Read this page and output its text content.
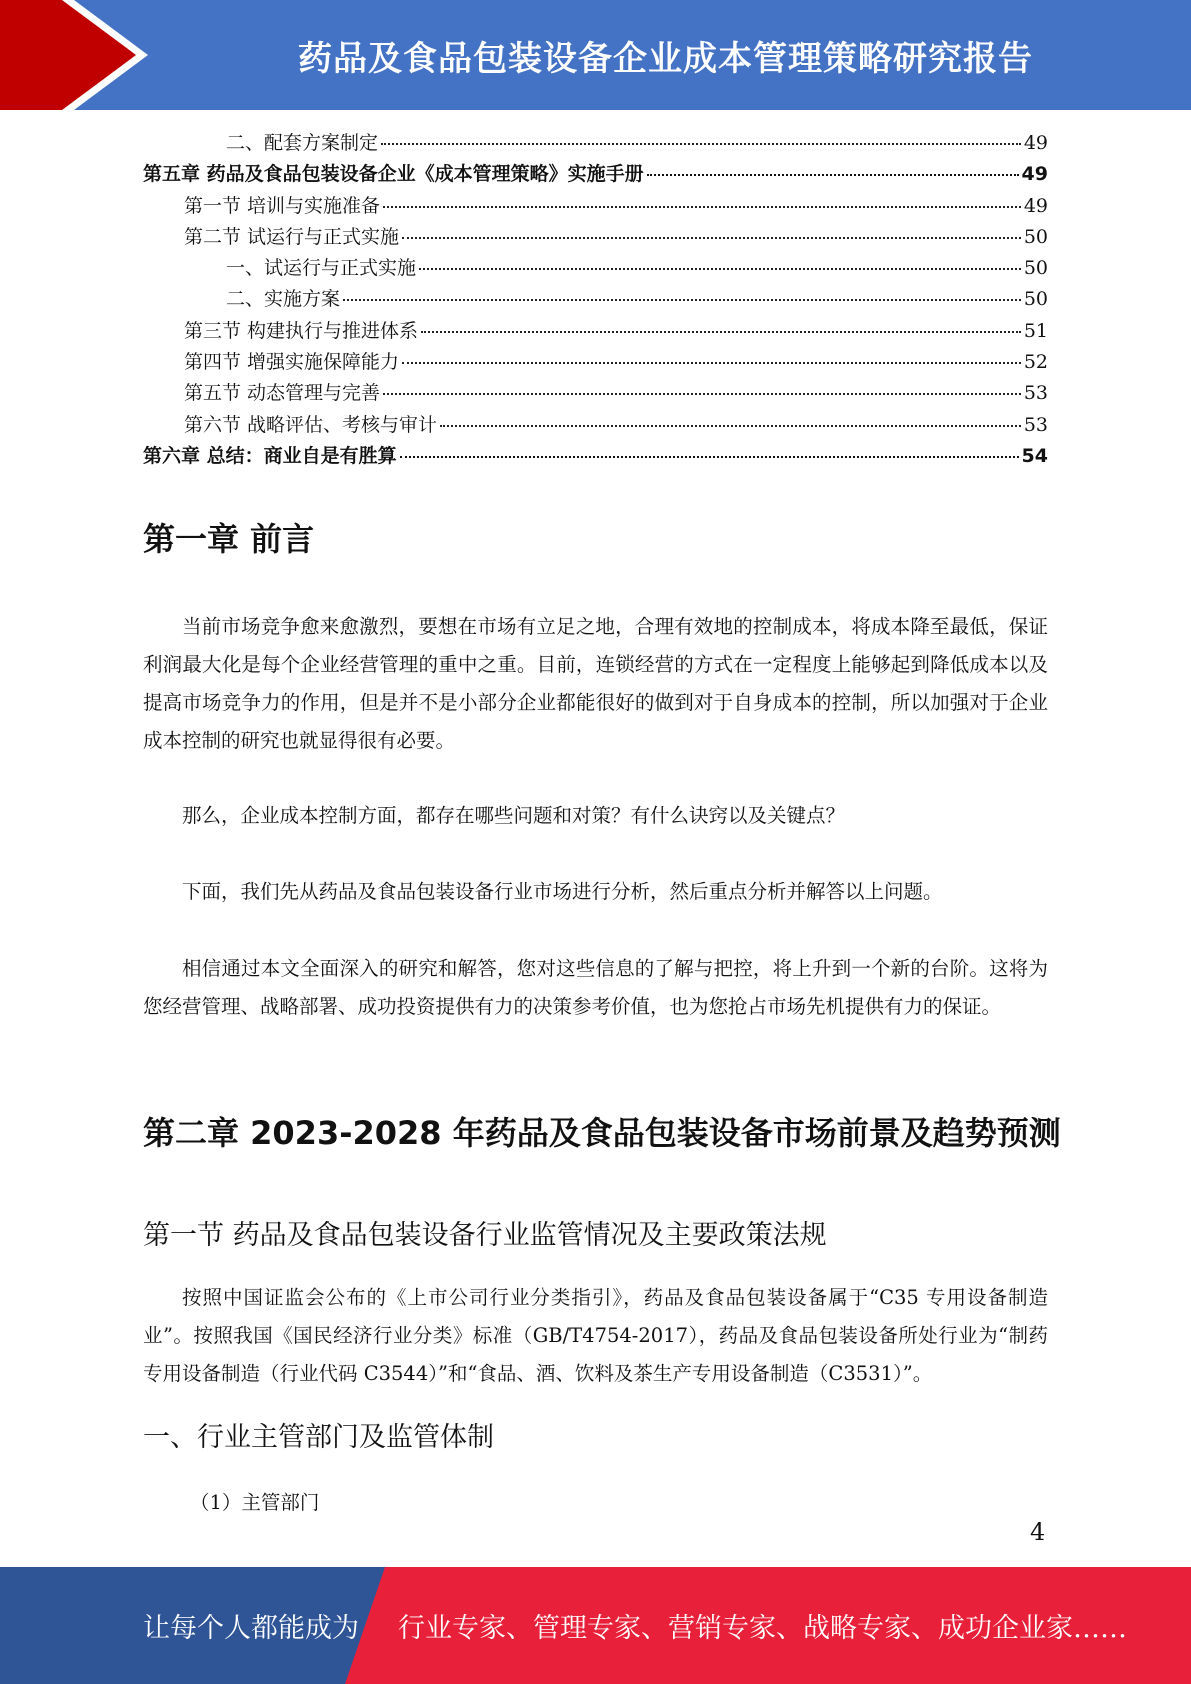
药品及食品包装设备企业成本管理策略研究报告
二、配套方案制定	49
第五章 药品及食品包装设备企业《成本管理策略》实施手册	49
第一节 培训与实施准备	49
第二节 试运行与正式实施	50
一、试运行与正式实施	50
二、实施方案	50
第三节 构建执行与推进体系	51
第四节 增强实施保障能力	52
第五节 动态管理与完善	53
第六节 战略评估、考核与审计	53
第六章 总结：商业自是有胜算	54
第一章 前言

当前市场竞争愈来愈激烈，要想在市场有立足之地，合理有效地的控制成本，将成本降至最低，保证利润最大化是每个企业经营管理的重中之重。目前，连锁经营的方式在一定程度上能够起到降低成本以及提高市场竞争力的作用，但是并不是小部分企业都能很好的做到对于自身成本的控制，所以加强对于企业成本控制的研究也就显得很有必要。

那么，企业成本控制方面，都存在哪些问题和对策？有什么诀窍以及关键点？

下面，我们先从药品及食品包装设备行业市场进行分析，然后重点分析并解答以上问题。

相信通过本文全面深入的研究和解答，您对这些信息的了解与把控，将上升到一个新的台阶。这将为您经营管理、战略部署、成功投资提供有力的决策参考价值，也为您抢占市场先机提供有力的保证。

第二章 2023-2028 年药品及食品包装设备市场前景及趋势预测
第一节 药品及食品包装设备行业监管情况及主要政策法规

按照中国证监会公布的《上市公司行业分类指引》，药品及食品包装设备属于“C35 专用设备制造业”。按照我国《国民经济行业分类》标准（GB/T4754-2017），药品及食品包装设备所处行业为“制药专用设备制造（行业代码 C3544）”和“食品、酒、饮料及茶生产专用设备制造（C3531）”。

一、行业主管部门及监管体制
（1）主管部门
4
让每个人都能成为 行业专家、管理专家、营销专家、战略专家、成功企业家……
